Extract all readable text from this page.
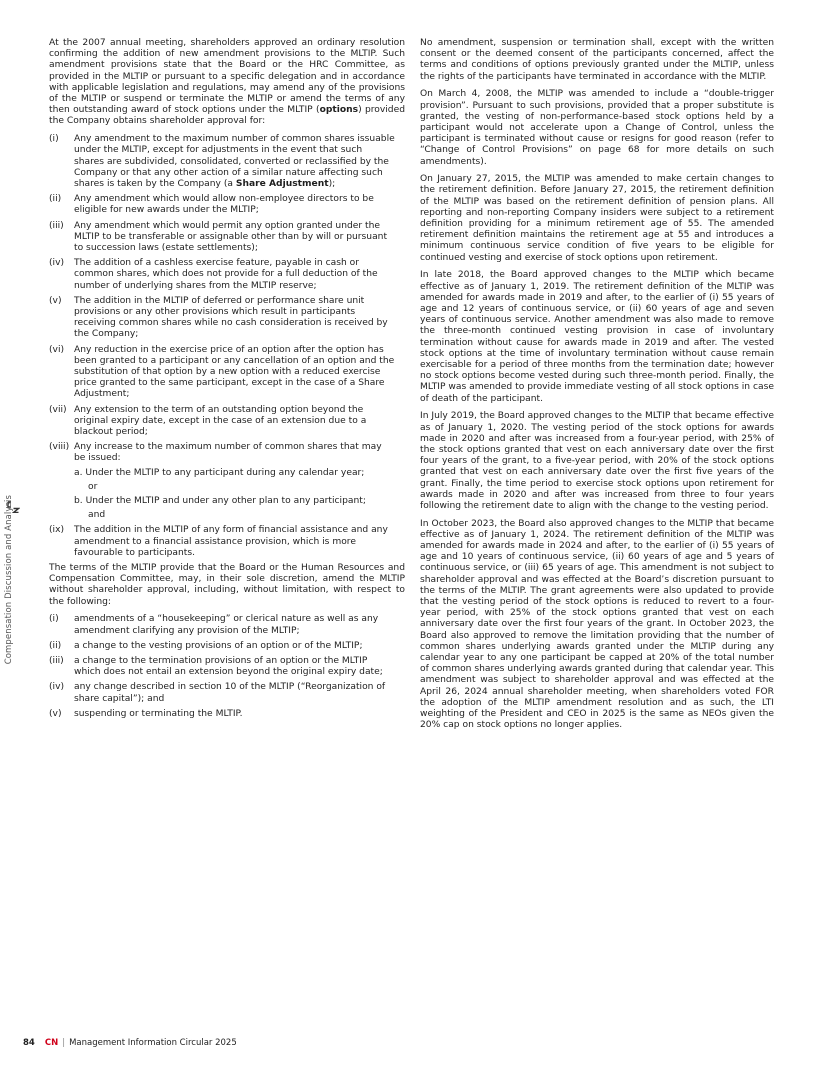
Compensation Discussion and Analysis

At the 2007 annual meeting, shareholders approved an ordinary resolution confirming the addition of new amendment provisions to the MLTIP. Such amendment provisions state that the Board or the HRC Committee, as provided in the MLTIP or pursuant to a specific delegation and in accordance with applicable legislation and regulations, may amend any of the provisions of the MLTIP or suspend or terminate the MLTIP or amend the terms of any then outstanding award of stock options under the MLTIP (options) provided the Company obtains shareholder approval for:

(i) Any amendment to the maximum number of common shares issuable under the MLTIP, except for adjustments in the event that such shares are subdivided, consolidated, converted or reclassified by the Company or that any other action of a similar nature affecting such shares is taken by the Company (a Share Adjustment);
(ii) Any amendment which would allow non-employee directors to be eligible for new awards under the MLTIP;
(iii) Any amendment which would permit any option granted under the MLTIP to be transferable or assignable other than by will or pursuant to succession laws (estate settlements);
(iv) The addition of a cashless exercise feature, payable in cash or common shares, which does not provide for a full deduction of the number of underlying shares from the MLTIP reserve;
(v) The addition in the MLTIP of deferred or performance share unit provisions or any other provisions which result in participants receiving common shares while no cash consideration is received by the Company;
(vi) Any reduction in the exercise price of an option after the option has been granted to a participant or any cancellation of an option and the substitution of that option by a new option with a reduced exercise price granted to the same participant, except in the case of a Share Adjustment;
(vii) Any extension to the term of an outstanding option beyond the original expiry date, except in the case of an extension due to a blackout period;
(viii) Any increase to the maximum number of common shares that may be issued:
a. Under the MLTIP to any participant during any calendar year;
or
b. Under the MLTIP and under any other plan to any participant;
and
(ix) The addition in the MLTIP of any form of financial assistance and any amendment to a financial assistance provision, which is more favourable to participants.

The terms of the MLTIP provide that the Board or the Human Resources and Compensation Committee, may, in their sole discretion, amend the MLTIP without shareholder approval, including, without limitation, with respect to the following:

(i) amendments of a “housekeeping” or clerical nature as well as any amendment clarifying any provision of the MLTIP;
(ii) a change to the vesting provisions of an option or of the MLTIP;
(iii) a change to the termination provisions of an option or the MLTIP which does not entail an extension beyond the original expiry date;
(iv) any change described in section 10 of the MLTIP (“Reorganization of share capital”); and
(v) suspending or terminating the MLTIP.

No amendment, suspension or termination shall, except with the written consent or the deemed consent of the participants concerned, affect the terms and conditions of options previously granted under the MLTIP, unless the rights of the participants have terminated in accordance with the MLTIP.

On March 4, 2008, the MLTIP was amended to include a “double-trigger provision”. Pursuant to such provisions, provided that a proper substitute is granted, the vesting of non-performance-based stock options held by a participant would not accelerate upon a Change of Control, unless the participant is terminated without cause or resigns for good reason (refer to “Change of Control Provisions” on page 68 for more details on such amendments).

On January 27, 2015, the MLTIP was amended to make certain changes to the retirement definition. Before January 27, 2015, the retirement definition of the MLTIP was based on the retirement definition of pension plans. All reporting and non-reporting Company insiders were subject to a retirement definition providing for a minimum retirement age of 55. The amended retirement definition maintains the retirement age at 55 and introduces a minimum continuous service condition of five years to be eligible for continued vesting and exercise of stock options upon retirement.

In late 2018, the Board approved changes to the MLTIP which became effective as of January 1, 2019. The retirement definition of the MLTIP was amended for awards made in 2019 and after, to the earlier of (i) 55 years of age and 12 years of continuous service, or (ii) 60 years of age and seven years of continuous service. Another amendment was also made to remove the three-month continued vesting provision in case of involuntary termination without cause for awards made in 2019 and after. The vested stock options at the time of involuntary termination without cause remain exercisable for a period of three months from the termination date; however no stock options become vested during such three-month period. Finally, the MLTIP was amended to provide immediate vesting of all stock options in case of death of the participant.

In July 2019, the Board approved changes to the MLTIP that became effective as of January 1, 2020. The vesting period of the stock options for awards made in 2020 and after was increased from a four-year period, with 25% of the stock options granted that vest on each anniversary date over the first four years of the grant, to a five-year period, with 20% of the stock options granted that vest on each anniversary date over the first five years of the grant. Finally, the time period to exercise stock options upon retirement for awards made in 2020 and after was increased from three to four years following the retirement date to align with the change to the vesting period.

In October 2023, the Board also approved changes to the MLTIP that became effective as of January 1, 2024. The retirement definition of the MLTIP was amended for awards made in 2024 and after, to the earlier of (i) 55 years of age and 10 years of continuous service, (ii) 60 years of age and 5 years of continuous service, or (iii) 65 years of age. This amendment is not subject to shareholder approval and was effected at the Board’s discretion pursuant to the terms of the MLTIP. The grant agreements were also updated to provide that the vesting period of the stock options is reduced to revert to a four-year period, with 25% of the stock options granted that vest on each anniversary date over the first four years of the grant. In October 2023, the Board also approved to remove the limitation providing that the number of common shares underlying awards granted under the MLTIP during any calendar year to any one participant be capped at 20% of the total number of common shares underlying awards granted during that calendar year. This amendment was subject to shareholder approval and was effected at the April 26, 2024 annual shareholder meeting, when shareholders voted FOR the adoption of the MLTIP amendment resolution and as such, the LTI weighting of the President and CEO in 2025 is the same as NEOs given the 20% cap on stock options no longer applies.

84 CN | Management Information Circular 2025
